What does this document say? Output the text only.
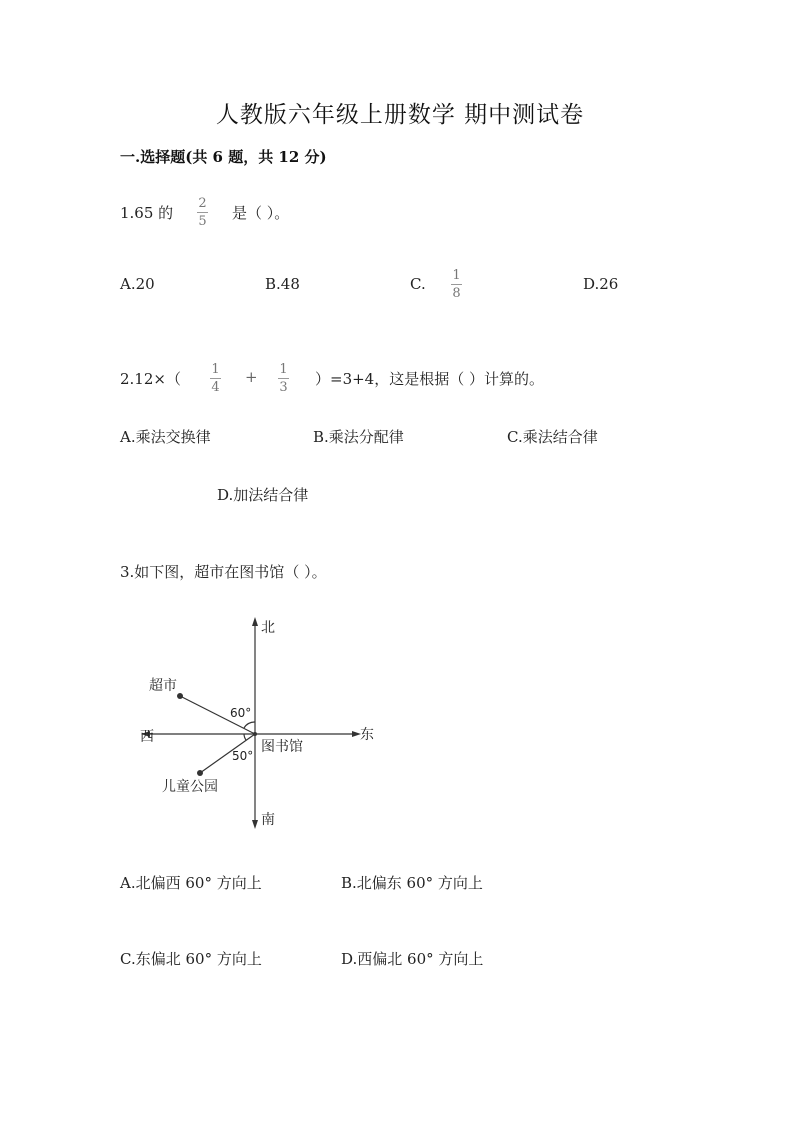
人教版六年级上册数学 期中测试卷
一.选择题(共 6 题，共 12 分)
1.65 的
2
5 是（ ）。
A.20	B.48	C. 1
8
D.26
2.12×（
1
4
+ 1
3 ）=3+4，这是根据（ ）计算的。
A.乘法交换律	B.乘法分配律	C.乘法结合律
D.加法结合律
3.如下图，超市在图书馆（ ）。
北
南
东
西
图书馆
超市
儿童公园
60°
50°
A.北偏西 60° 方向上	B.北偏东 60° 方向上
C.东偏北 60° 方向上	D.西偏北 60° 方向上
